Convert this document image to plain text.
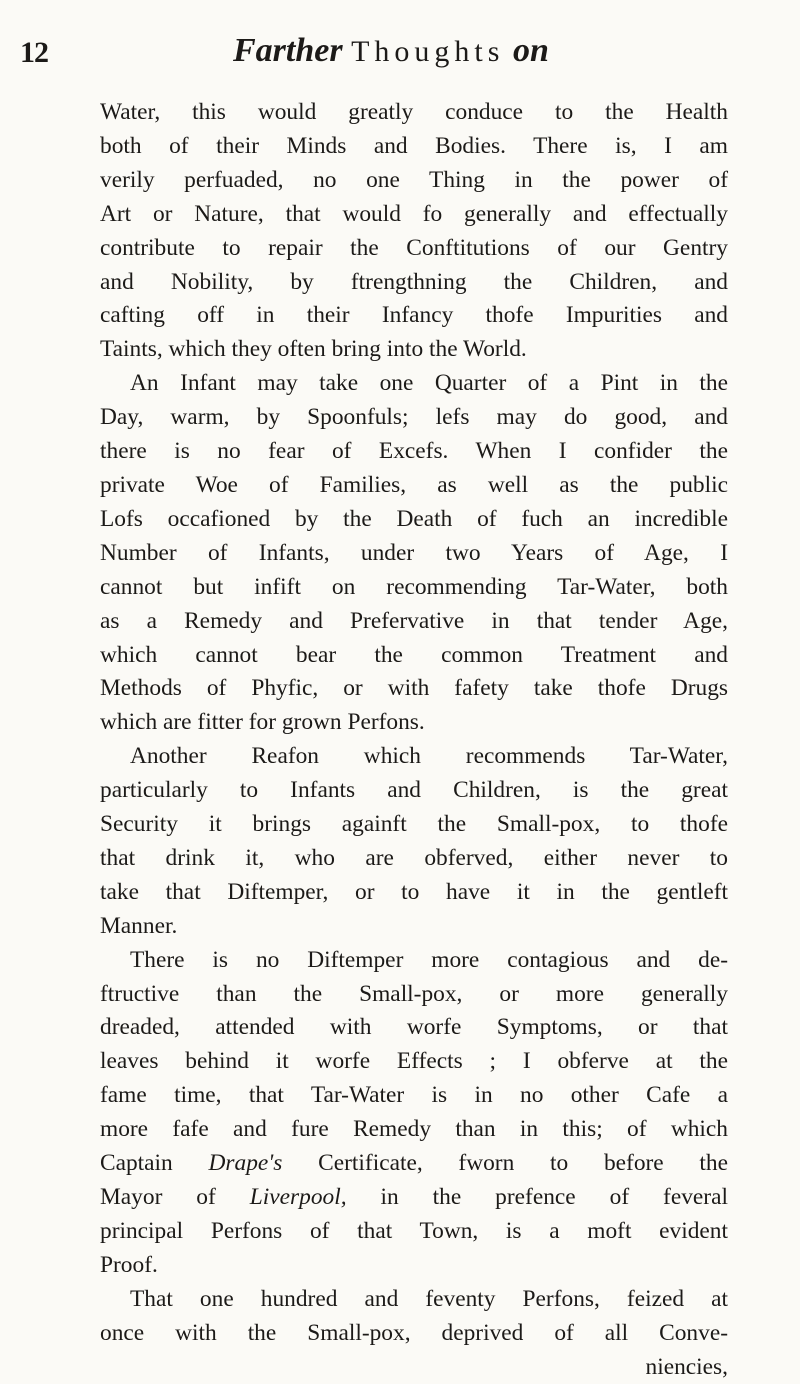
12	Farther Thoughts on
Water, this would greatly conduce to the Health
both of their Minds and Bodies. There is, I am
verily perfuaded, no one Thing in the power of
Art or Nature, that would fo generally and effectually
contribute to repair the Conftitutions of our Gentry
and Nobility, by ftrengthning the Children, and
cafting off in their Infancy thofe Impurities and
Taints, which they often bring into the World.
An Infant may take one Quarter of a Pint in the
Day, warm, by Spoonfuls; lefs may do good, and
there is no fear of Excefs. When I confider the
private Woe of Families, as well as the public
Lofs occafioned by the Death of fuch an incredible
Number of Infants, under two Years of Age, I
cannot but infift on recommending Tar-Water, both
as a Remedy and Prefervative in that tender Age,
which cannot bear the common Treatment and
Methods of Phyfic, or with fafety take thofe Drugs
which are fitter for grown Perfons.
Another Reafon which recommends Tar-Water,
particularly to Infants and Children, is the great
Security it brings againft the Small-pox, to thofe
that drink it, who are obferved, either never to
take that Diftemper, or to have it in the gentleft
Manner.
There is no Diftemper more contagious and de-
ftructive than the Small-pox, or more generally
dreaded, attended with worfe Symptoms, or that
leaves behind it worfe Effects ; I obferve at the
fame time, that Tar-Water is in no other Cafe a
more fafe and fure Remedy than in this; of which
Captain Drape's Certificate, fworn to before the
Mayor of Liverpool, in the prefence of feveral
principal Perfons of that Town, is a moft evident
Proof.
That one hundred and feventy Perfons, feized at
once with the Small-pox, deprived of all Conve-
niencies,
